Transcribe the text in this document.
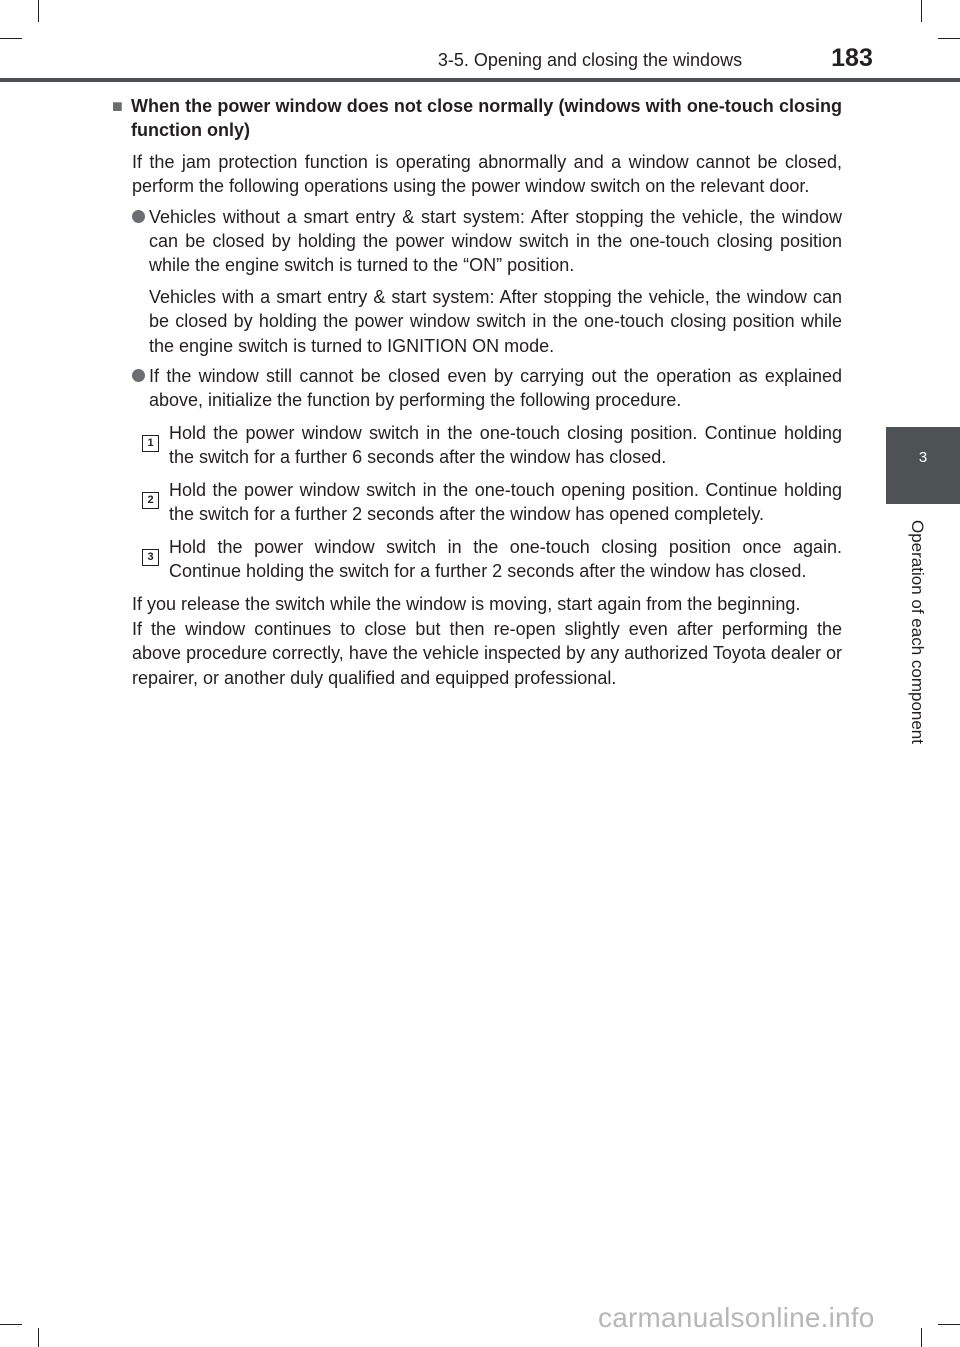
3-5. Opening and closing the windows	183
3
Operation of each component
■ When the power window does not close normally (windows with one-touch closing function only)

If the jam protection function is operating abnormally and a window cannot be closed, perform the following operations using the power window switch on the relevant door.

Vehicles without a smart entry & start system: After stopping the vehicle, the window can be closed by holding the power window switch in the one-touch closing position while the engine switch is turned to the “ON” position.

Vehicles with a smart entry & start system: After stopping the vehicle, the window can be closed by holding the power window switch in the one-touch closing position while the engine switch is turned to IGNITION ON mode.

If the window still cannot be closed even by carrying out the operation as explained above, initialize the function by performing the following procedure.
1 Hold the power window switch in the one-touch closing position. Continue holding the switch for a further 6 seconds after the window has closed.
2 Hold the power window switch in the one-touch opening position. Continue holding the switch for a further 2 seconds after the window has opened completely.
3 Hold the power window switch in the one-touch closing position once again. Continue holding the switch for a further 2 seconds after the window has closed.

If you release the switch while the window is moving, start again from the beginning.

If the window continues to close but then re-open slightly even after performing the above procedure correctly, have the vehicle inspected by any authorized Toyota dealer or repairer, or another duly qualified and equipped professional.

carmanualsonline.info
